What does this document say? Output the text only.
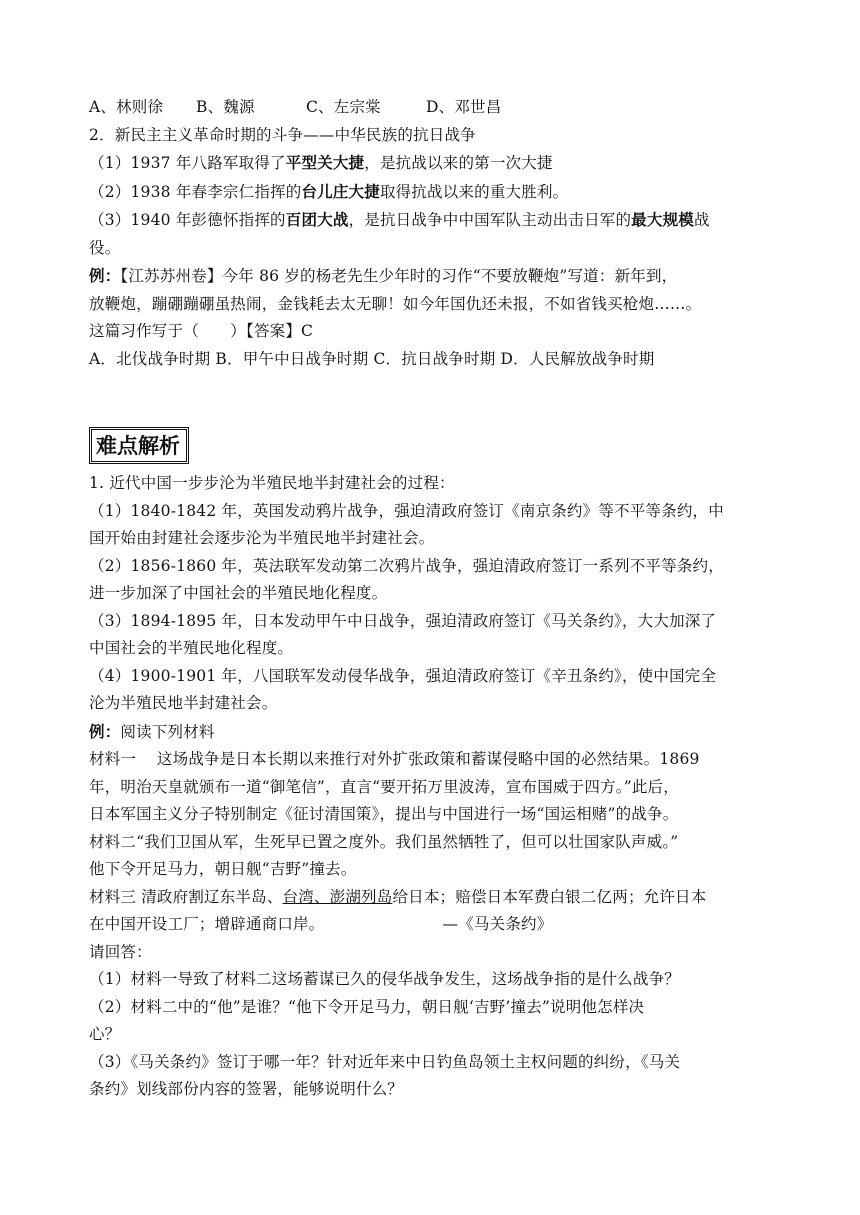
A、林则徐 B、魏源	C、左宗棠	D、邓世昌
2．新民主主义革命时期的斗争——中华民族的抗日战争
（1）1937 年八路军取得了平型关大捷，是抗战以来的第一次大捷
（2）1938 年春李宗仁指挥的台儿庄大捷取得抗战以来的重大胜利。
（3）1940 年彭德怀指挥的百团大战，是抗日战争中中国军队主动出击日军的最大规模战
役。
例：【江苏苏州卷】今年 86 岁的杨老先生少年时的习作“不要放鞭炮”写道：新年到，
放鞭炮，蹦硼蹦硼虽热闹，金钱耗去太无聊！如今年国仇还未报，不如省钱买枪炮……。
这篇习作写于（　　）【答案】C
A．北伐战争时期 B．甲午中日战争时期 C．抗日战争时期 D．人民解放战争时期
难点解析
1. 近代中国一步步沦为半殖民地半封建社会的过程：
（1）1840-1842 年，英国发动鸦片战争，强迫清政府签订《南京条约》等不平等条约，中
国开始由封建社会逐步沦为半殖民地半封建社会。
（2）1856-1860 年，英法联军发动第二次鸦片战争，强迫清政府签订一系列不平等条约，
进一步加深了中国社会的半殖民地化程度。
（3）1894-1895 年，日本发动甲午中日战争，强迫清政府签订《马关条约》，大大加深了
中国社会的半殖民地化程度。
（4）1900-1901 年，八国联军发动侵华战争，强迫清政府签订《辛丑条约》，使中国完全
沦为半殖民地半封建社会。
例：阅读下列材料
材料一　 这场战争是日本长期以来推行对外扩张政策和蓄谋侵略中国的必然结果。1869
年，明治天皇就颁布一道“御笔信”，直言“要开拓万里波涛，宣布国威于四方。”此后，
日本军国主义分子特别制定《征讨清国策》，提出与中国进行一场“国运相赌”的战争。
材料二“我们卫国从军，生死早已置之度外。我们虽然牺牲了，但可以壮国家队声威。”
他下令开足马力，朝日舰“吉野”撞去。
材料三 清政府割辽东半岛、台湾、澎湖列岛给日本；赔偿日本军费白银二亿两；允许日本
在中国开设工厂；增辟通商口岸。	—《马关条约》
请回答：
（1）材料一导致了材料二这场蓄谋已久的侵华战争发生，这场战争指的是什么战争？
（2）材料二中的“他”是谁？“他下令开足马力，朝日舰‘吉野’撞去”说明他怎样决
心？
（3）《马关条约》签订于哪一年？针对近年来中日钓鱼岛领土主权问题的纠纷，《马关
条约》划线部份内容的签署，能够说明什么？
